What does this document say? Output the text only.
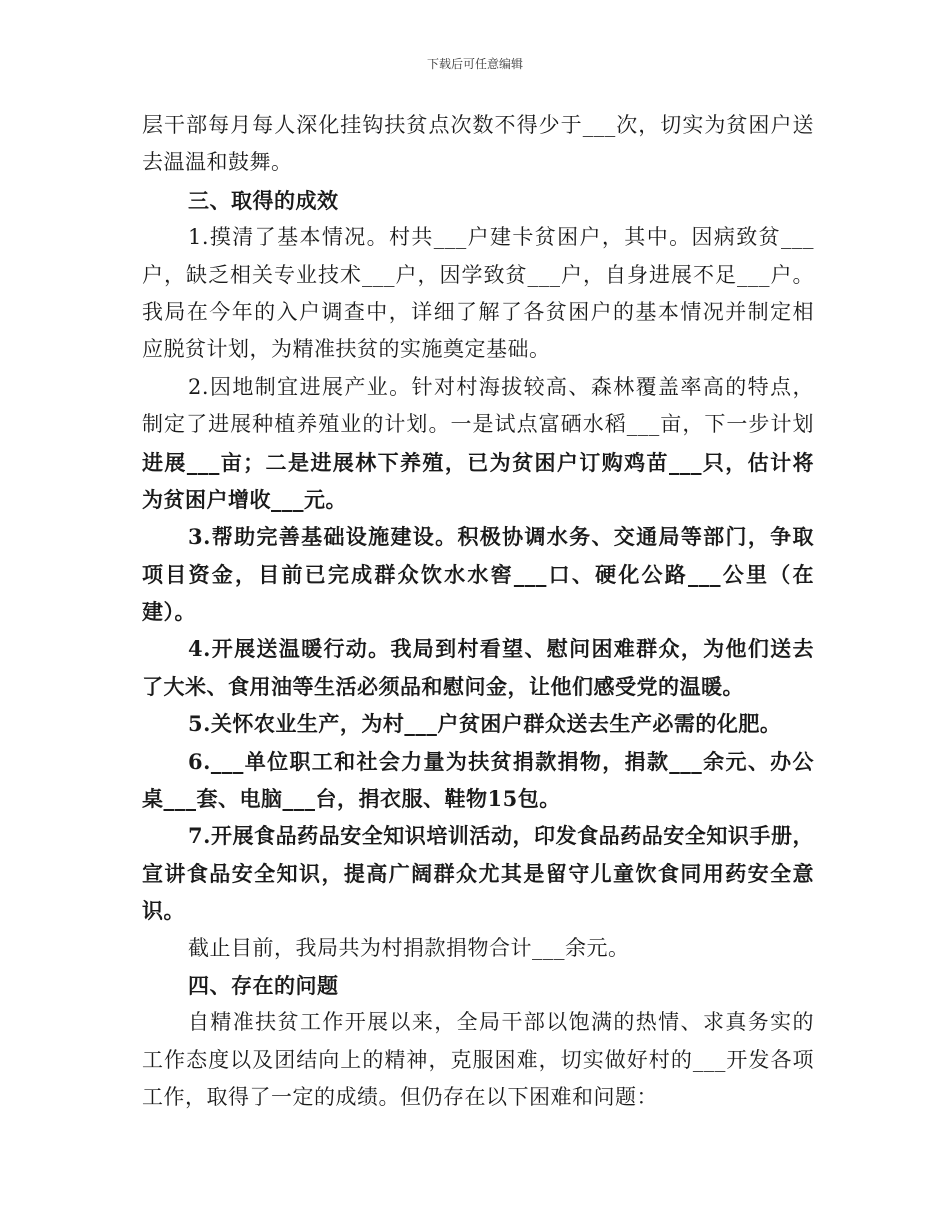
下载后可任意编辑
层干部每月每人深化挂钩扶贫点次数不得少于___次，切实为贫困户送
去温温和鼓舞。
三、取得的成效
1.摸清了基本情况。村共___户建卡贫困户，其中。因病致贫___
户，缺乏相关专业技术___户，因学致贫___户，自身进展不足___户。
我局在今年的入户调查中，详细了解了各贫困户的基本情况并制定相
应脱贫计划，为精准扶贫的实施奠定基础。
2.因地制宜进展产业。针对村海拔较高、森林覆盖率高的特点，
制定了进展种植养殖业的计划。一是试点富硒水稻___亩，下一步计划
进展___亩；二是进展林下养殖，已为贫困户订购鸡苗___只，估计将
为贫困户增收___元。
3.帮助完善基础设施建设。积极协调水务、交通局等部门，争取
项目资金，目前已完成群众饮水水窖___口、硬化公路___公里（在
建）。
4.开展送温暖行动。我局到村看望、慰问困难群众，为他们送去
了大米、食用油等生活必须品和慰问金，让他们感受党的温暖。
5.关怀农业生产，为村___户贫困户群众送去生产必需的化肥。
6.___单位职工和社会力量为扶贫捐款捐物，捐款___余元、办公
桌___套、电脑___台，捐衣服、鞋物15包。
7.开展食品药品安全知识培训活动，印发食品药品安全知识手册，
宣讲食品安全知识，提高广阔群众尤其是留守儿童饮食同用药安全意
识。
截止目前，我局共为村捐款捐物合计___余元。
四、存在的问题
自精准扶贫工作开展以来，全局干部以饱满的热情、求真务实的
工作态度以及团结向上的精神，克服困难，切实做好村的___开发各项
工作，取得了一定的成绩。但仍存在以下困难和问题：
